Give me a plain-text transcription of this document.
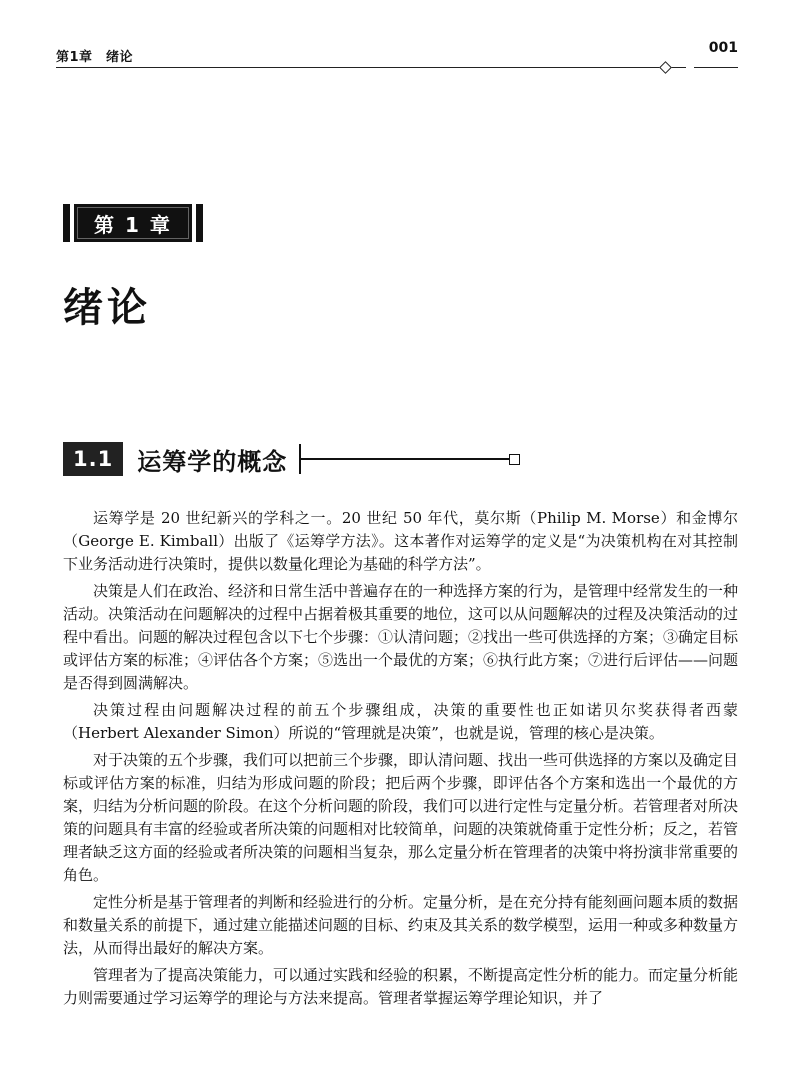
第1章　绪论
001
第 1 章
绪论
1.1	运筹学的概念

运筹学是 20 世纪新兴的学科之一。20 世纪 50 年代，莫尔斯（Philip M. Morse）和金博尔（George E. Kimball）出版了《运筹学方法》。这本著作对运筹学的定义是“为决策机构在对其控制下业务活动进行决策时，提供以数量化理论为基础的科学方法”。

决策是人们在政治、经济和日常生活中普遍存在的一种选择方案的行为，是管理中经常发生的一种活动。决策活动在问题解决的过程中占据着极其重要的地位，这可以从问题解决的过程及决策活动的过程中看出。问题的解决过程包含以下七个步骤：①认清问题；②找出一些可供选择的方案；③确定目标或评估方案的标准；④评估各个方案；⑤选出一个最优的方案；⑥执行此方案；⑦进行后评估——问题是否得到圆满解决。

决策过程由问题解决过程的前五个步骤组成，决策的重要性也正如诺贝尔奖获得者西蒙（Herbert Alexander Simon）所说的“管理就是决策”，也就是说，管理的核心是决策。

对于决策的五个步骤，我们可以把前三个步骤，即认清问题、找出一些可供选择的方案以及确定目标或评估方案的标准，归结为形成问题的阶段；把后两个步骤，即评估各个方案和选出一个最优的方案，归结为分析问题的阶段。在这个分析问题的阶段，我们可以进行定性与定量分析。若管理者对所决策的问题具有丰富的经验或者所决策的问题相对比较简单，问题的决策就倚重于定性分析；反之，若管理者缺乏这方面的经验或者所决策的问题相当复杂，那么定量分析在管理者的决策中将扮演非常重要的角色。

定性分析是基于管理者的判断和经验进行的分析。定量分析，是在充分持有能刻画问题本质的数据和数量关系的前提下，通过建立能描述问题的目标、约束及其关系的数学模型，运用一种或多种数量方法，从而得出最好的解决方案。

管理者为了提高决策能力，可以通过实践和经验的积累，不断提高定性分析的能力。而定量分析能力则需要通过学习运筹学的理论与方法来提高。管理者掌握运筹学理论知识，并了
